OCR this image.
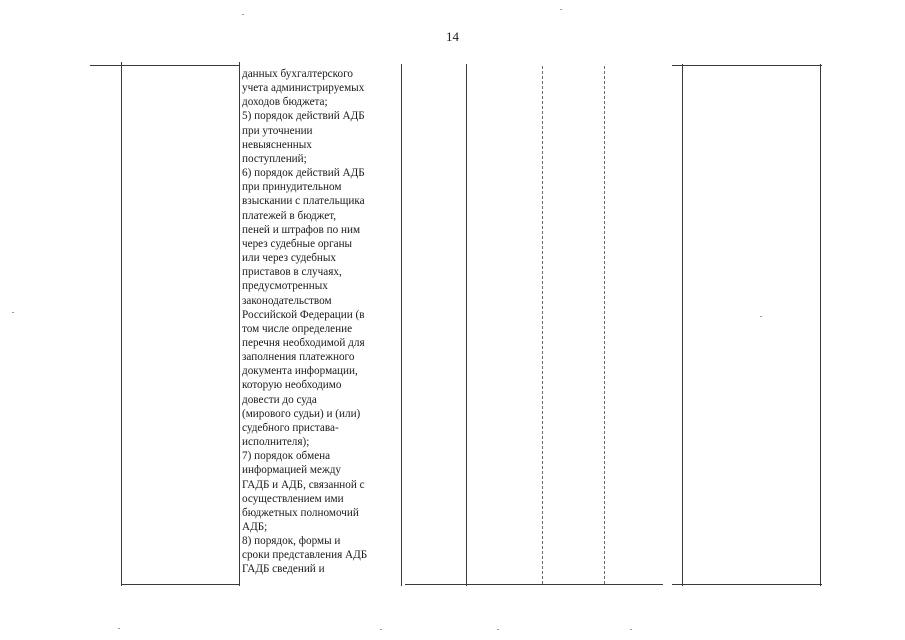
14
данных бухгалтерского
учета администрируемых
доходов бюджета;
5) порядок действий АДБ
при уточнении
невыясненных
поступлений;
6) порядок действий АДБ
при принудительном
взыскании с плательщика
платежей в бюджет,
пеней и штрафов по ним
через судебные органы
или через судебных
приставов в случаях,
предусмотренных
законодательством
Российской Федерации (в
том числе определение
перечня необходимой для
заполнения платежного
документа информации,
которую необходимо
довести до суда
(мирового судьи) и (или)
судебного пристава-
исполнителя);
7) порядок обмена
информацией между
ГАДБ и АДБ, связанной с
осуществлением ими
бюджетных полномочий
АДБ;
8) порядок, формы и
сроки представления АДБ
ГАДБ сведений и
